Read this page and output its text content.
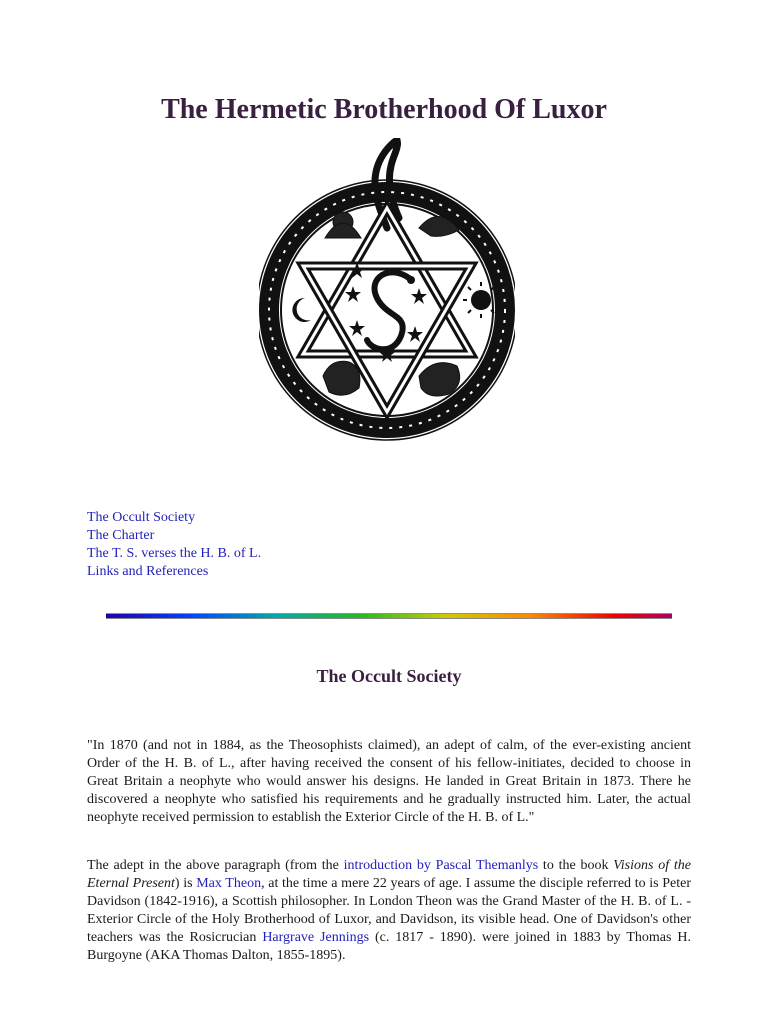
The Hermetic Brotherhood Of Luxor
The Occult Society
The Charter
The T. S. verses the H. B. of L.
Links and References
The Occult Society

"In 1870 (and not in 1884, as the Theosophists claimed), an adept of calm, of the ever-existing ancient Order of the H. B. of L., after having received the consent of his fellow-initiates, decided to choose in Great Britain a neophyte who would answer his designs. He landed in Great Britain in 1873. There he discovered a neophyte who satisfied his requirements and he gradually instructed him. Later, the actual neophyte received permission to establish the Exterior Circle of the H. B. of L."

The adept in the above paragraph (from the introduction by Pascal Themanlys to the book Visions of the Eternal Present) is Max Theon, at the time a mere 22 years of age. I assume the disciple referred to is Peter Davidson (1842-1916), a Scottish philosopher. In London Theon was the Grand Master of the H. B. of L. - Exterior Circle of the Holy Brotherhood of Luxor, and Davidson, its visible head. One of Davidson's other teachers was the Rosicrucian Hargrave Jennings (c. 1817 - 1890). were joined in 1883 by Thomas H. Burgoyne (AKA Thomas Dalton, 1855-1895).
